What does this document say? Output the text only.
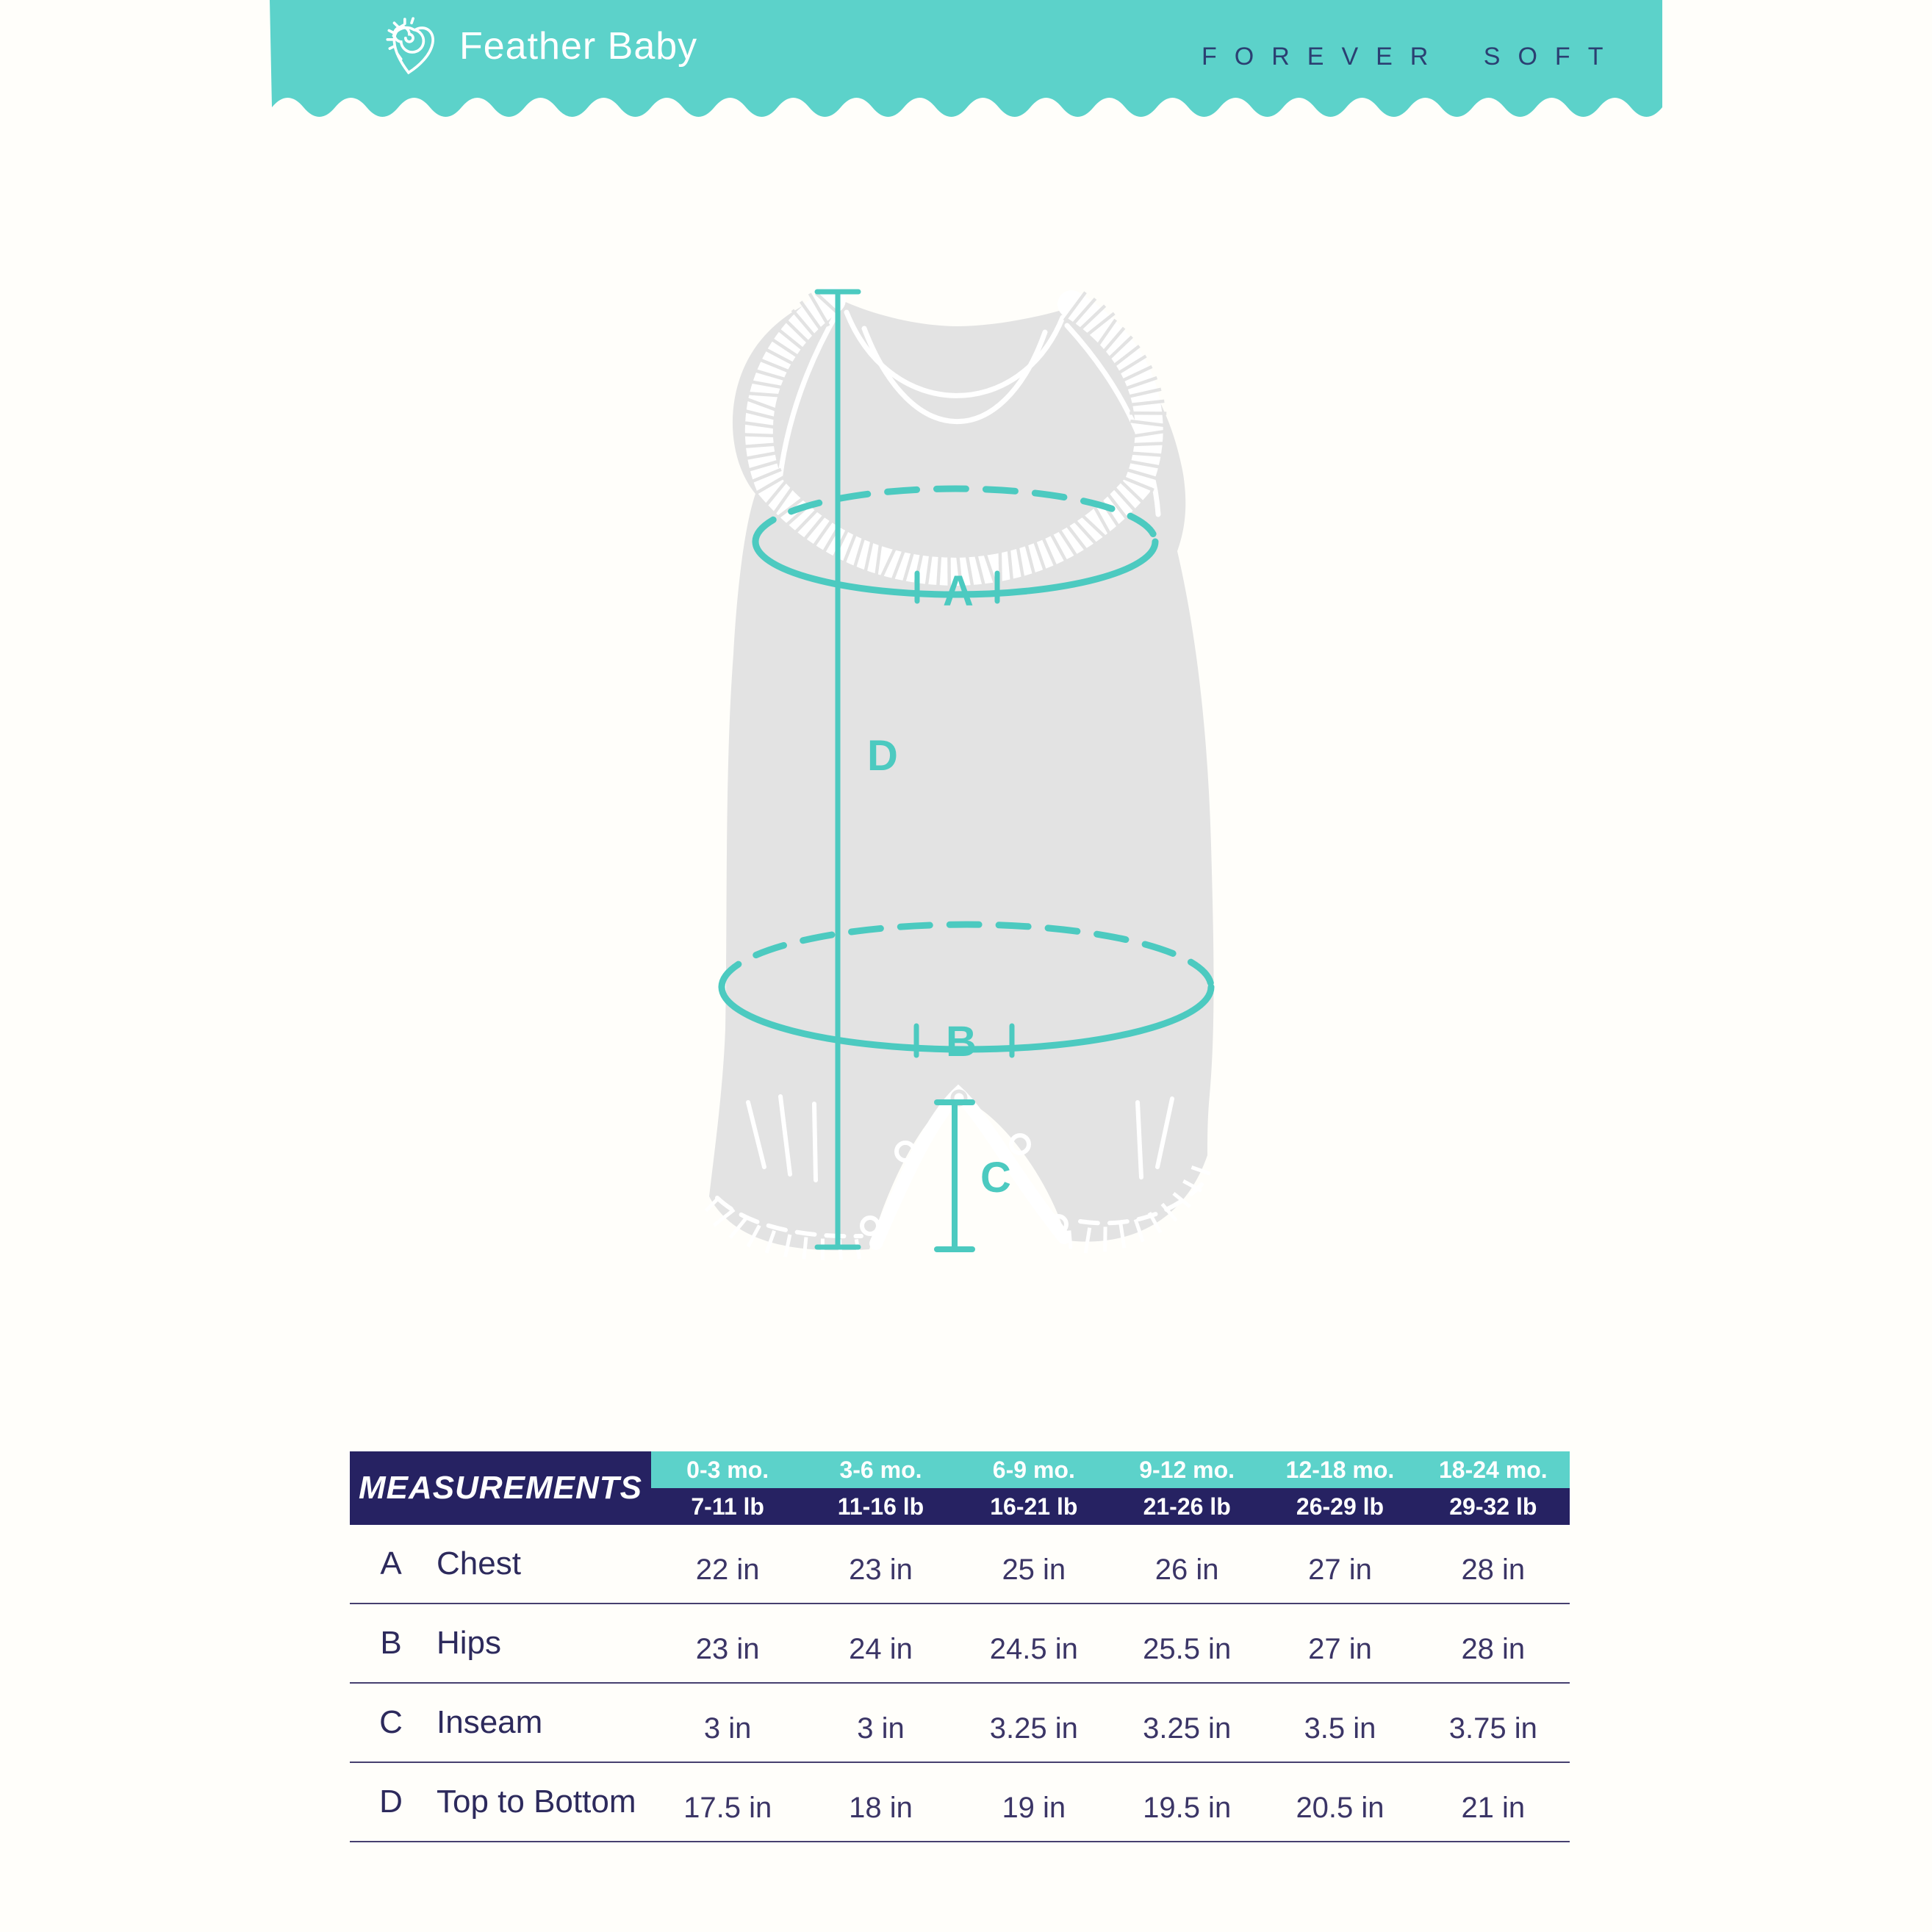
Feather Baby	FOREVER SOFT
A
B
C
D
MEASUREMENTS
0-3 mo.	3-6 mo.	6-9 mo.	9-12 mo.	12-18 mo.	18-24 mo.
7-11 lb	11-16 lb	16-21 lb	21-26 lb	26-29 lb	29-32 lb
A	Chest	22 in	23 in	25 in	26 in	27 in	28 in
B	Hips	23 in	24 in	24.5 in	25.5 in	27 in	28 in
C	Inseam	3 in	3 in	3.25 in	3.25 in	3.5 in	3.75 in
D	Top to Bottom	17.5 in	18 in	19 in	19.5 in	20.5 in	21 in
